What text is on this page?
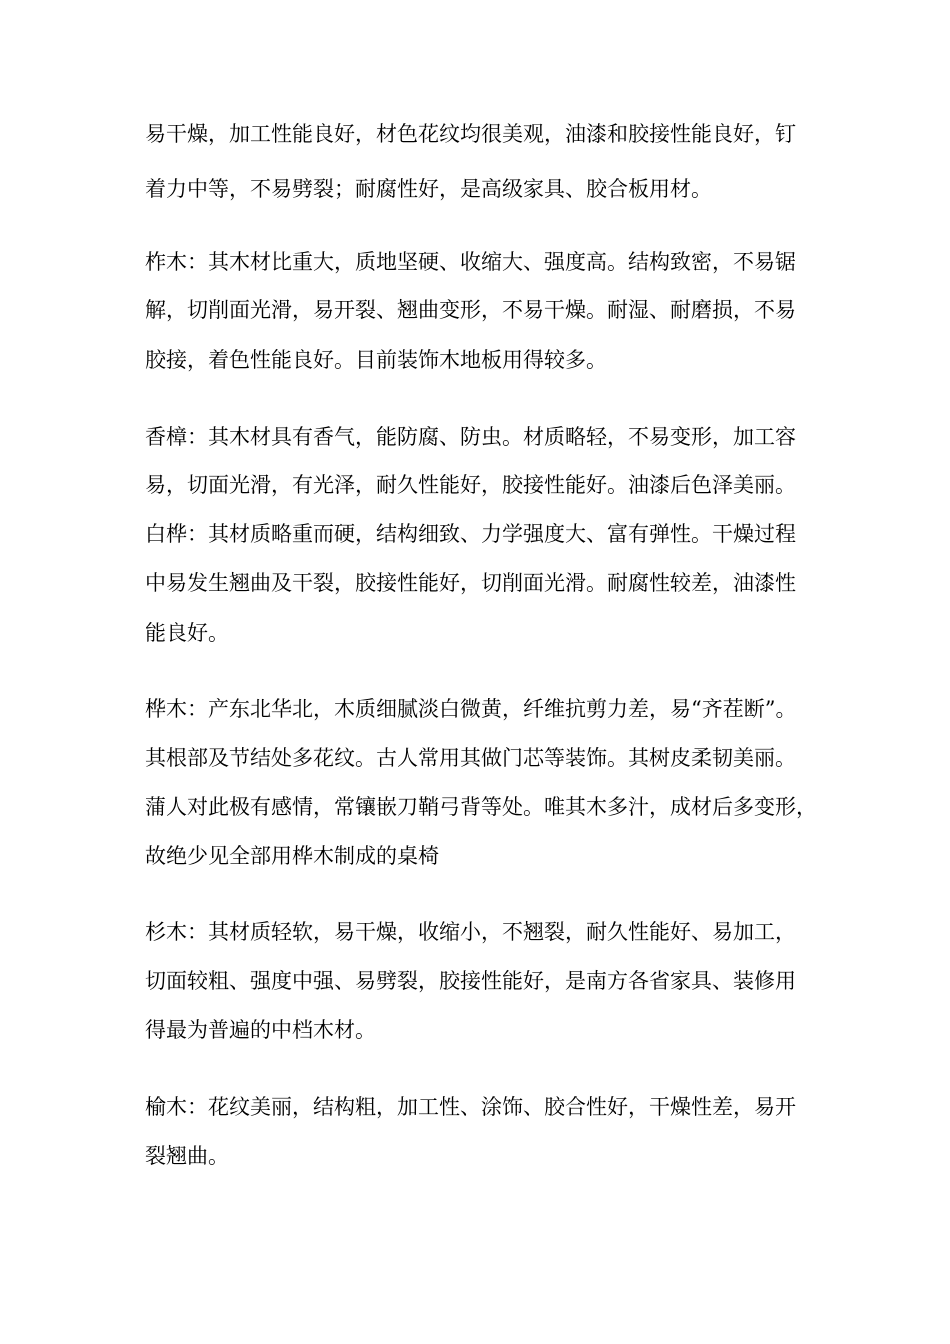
易干燥，加工性能良好，材色花纹均很美观，油漆和胶接性能良好，钉
着力中等，不易劈裂；耐腐性好，是高级家具、胶合板用材。
柞木：其木材比重大，质地坚硬、收缩大、强度高。结构致密，不易锯
解，切削面光滑，易开裂、翘曲变形，不易干燥。耐湿、耐磨损，不易
胶接，着色性能良好。目前装饰木地板用得较多。
香樟：其木材具有香气，能防腐、防虫。材质略轻，不易变形，加工容
易，切面光滑，有光泽，耐久性能好，胶接性能好。油漆后色泽美丽。
白桦：其材质略重而硬，结构细致、力学强度大、富有弹性。干燥过程
中易发生翘曲及干裂，胶接性能好，切削面光滑。耐腐性较差，油漆性
能良好。
桦木：产东北华北，木质细腻淡白微黄，纤维抗剪力差，易“齐茬断”。
其根部及节结处多花纹。古人常用其做门芯等装饰。其树皮柔韧美丽。
蒲人对此极有感情，常镶嵌刀鞘弓背等处。唯其木多汁，成材后多变形，
故绝少见全部用桦木制成的桌椅
杉木：其材质轻软，易干燥，收缩小，不翘裂，耐久性能好、易加工，
切面较粗、强度中强、易劈裂，胶接性能好，是南方各省家具、装修用
得最为普遍的中档木材。
榆木：花纹美丽，结构粗，加工性、涂饰、胶合性好，干燥性差，易开
裂翘曲。
